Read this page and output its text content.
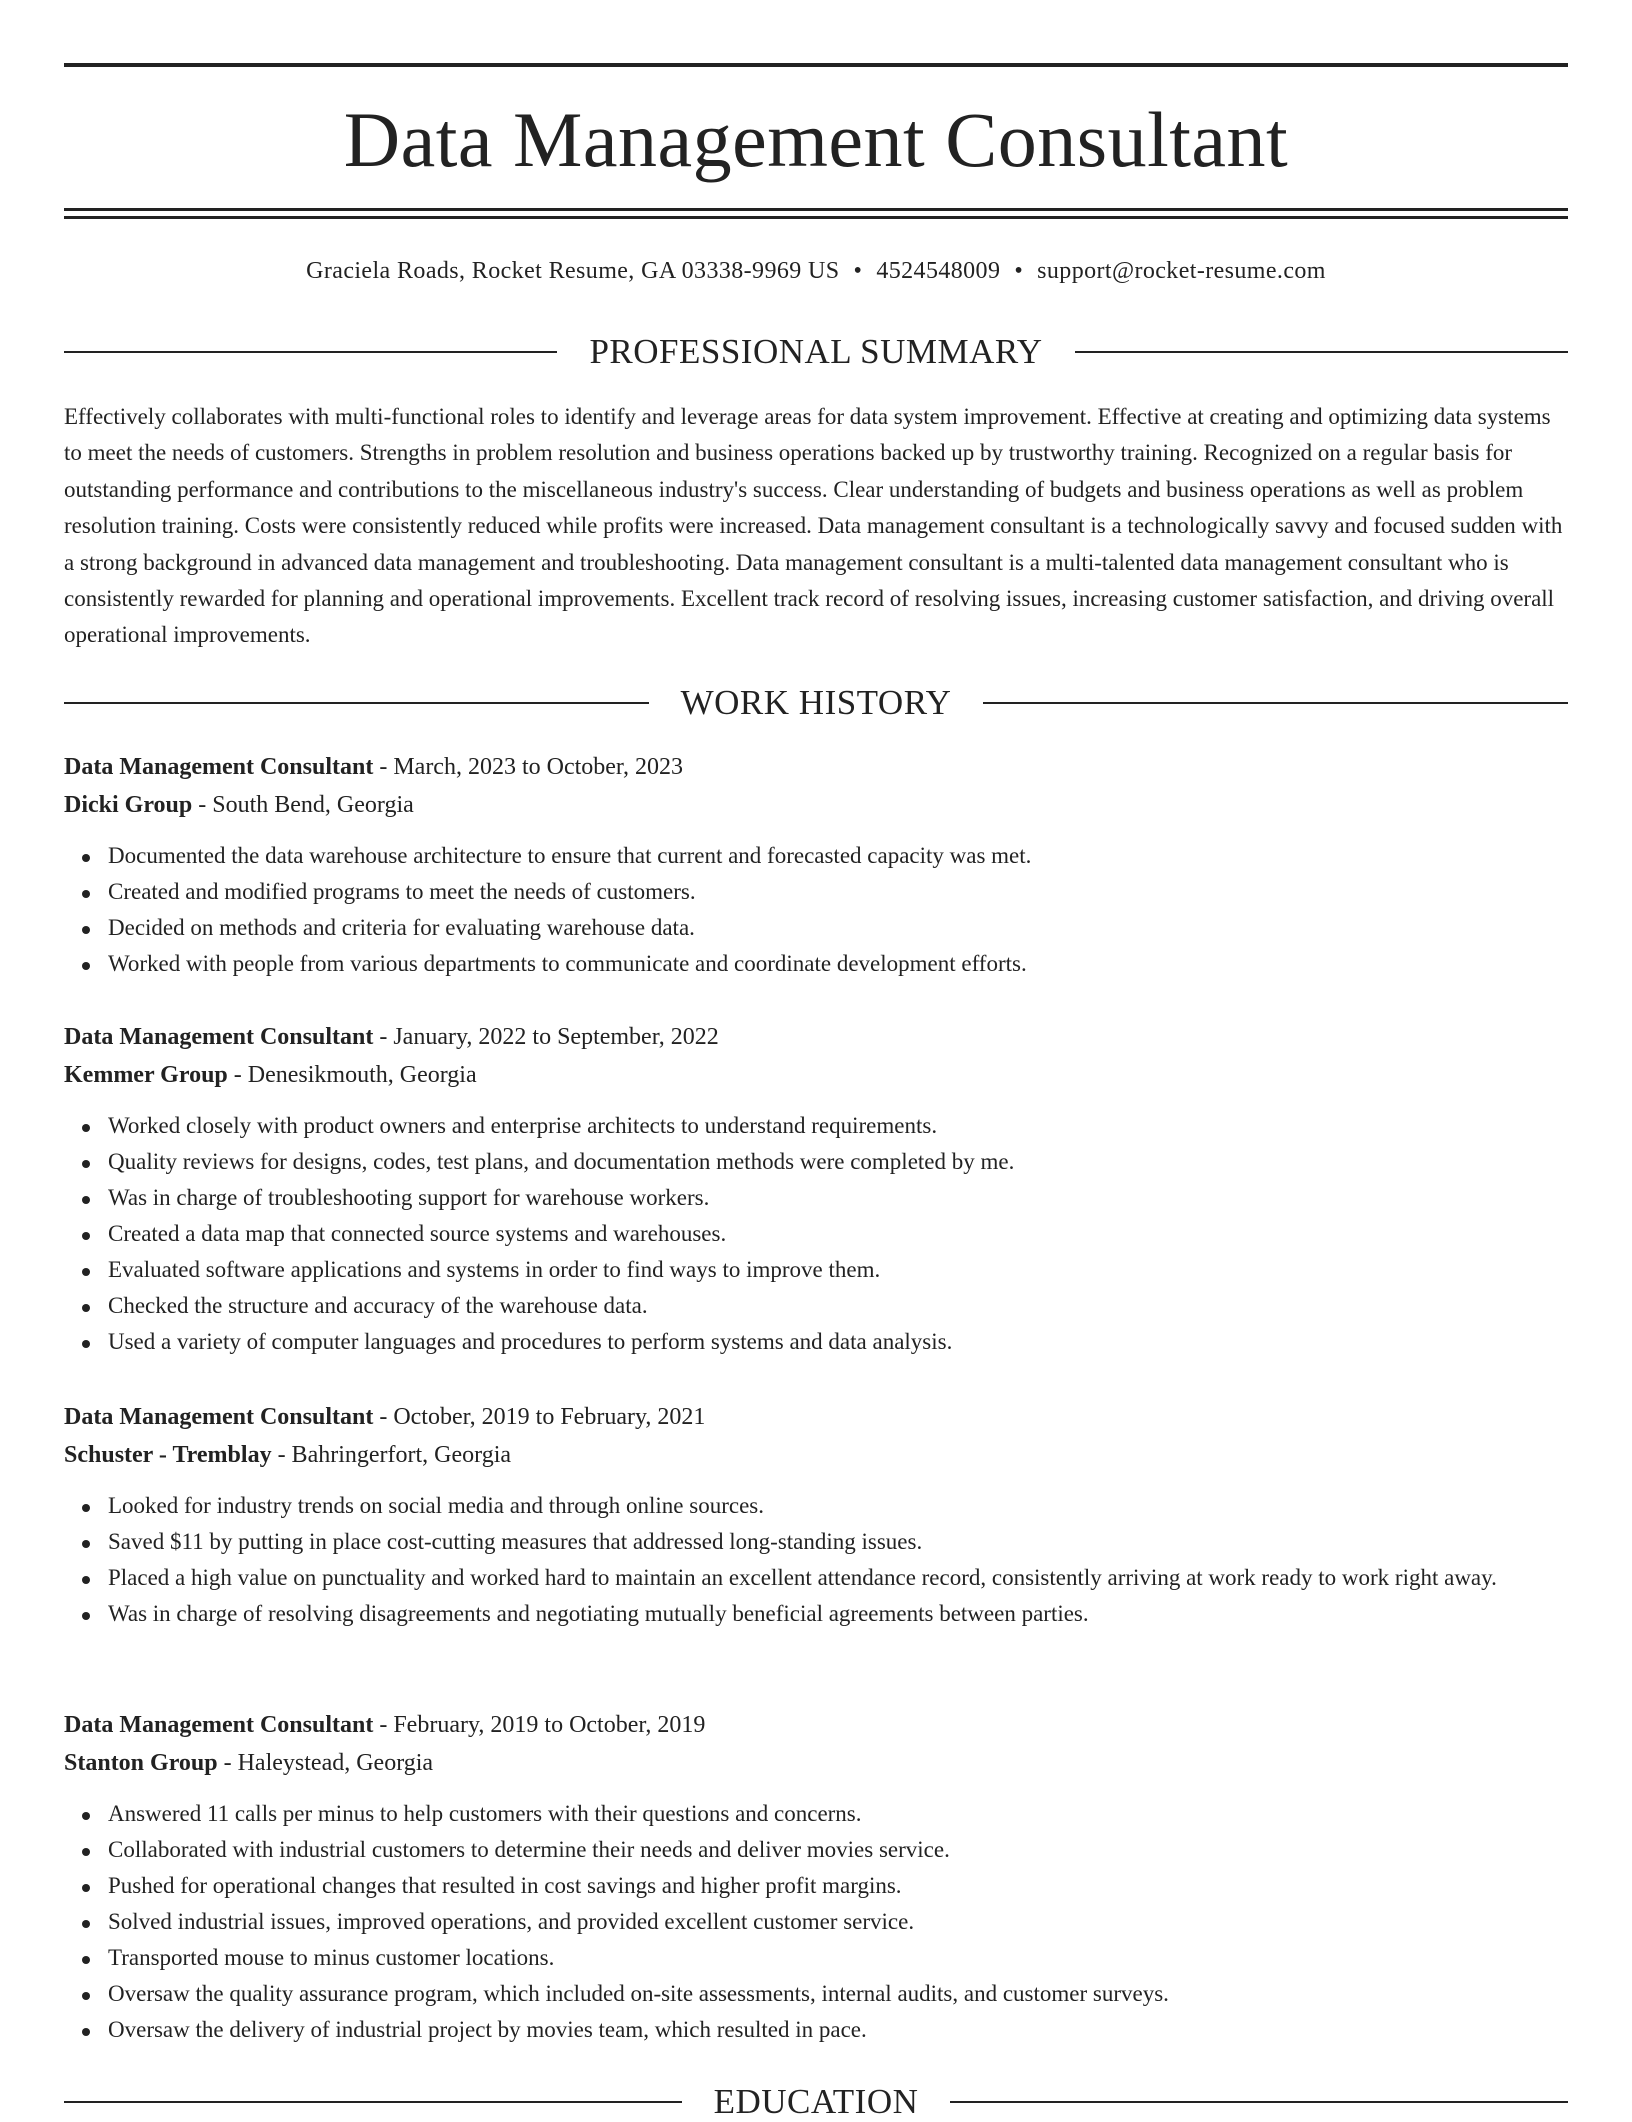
Data Management Consultant
Graciela Roads, Rocket Resume, GA 03338-9969 US • 4524548009 • support@rocket-resume.com
PROFESSIONAL SUMMARY

Effectively collaborates with multi-functional roles to identify and leverage areas for data system improvement. Effective at creating and optimizing data systems to meet the needs of customers. Strengths in problem resolution and business operations backed up by trustworthy training. Recognized on a regular basis for outstanding performance and contributions to the miscellaneous industry's success. Clear understanding of budgets and business operations as well as problem resolution training. Costs were consistently reduced while profits were increased. Data management consultant is a technologically savvy and focused sudden with a strong background in advanced data management and troubleshooting. Data management consultant is a multi-talented data management consultant who is consistently rewarded for planning and operational improvements. Excellent track record of resolving issues, increasing customer satisfaction, and driving overall operational improvements.

WORK HISTORY
Data Management Consultant - March, 2023 to October, 2023
Dicki Group - South Bend, Georgia
Documented the data warehouse architecture to ensure that current and forecasted capacity was met.
Created and modified programs to meet the needs of customers.
Decided on methods and criteria for evaluating warehouse data.
Worked with people from various departments to communicate and coordinate development efforts.
Data Management Consultant - January, 2022 to September, 2022
Kemmer Group - Denesikmouth, Georgia
Worked closely with product owners and enterprise architects to understand requirements.
Quality reviews for designs, codes, test plans, and documentation methods were completed by me.
Was in charge of troubleshooting support for warehouse workers.
Created a data map that connected source systems and warehouses.
Evaluated software applications and systems in order to find ways to improve them.
Checked the structure and accuracy of the warehouse data.
Used a variety of computer languages and procedures to perform systems and data analysis.
Data Management Consultant - October, 2019 to February, 2021
Schuster - Tremblay - Bahringerfort, Georgia
Looked for industry trends on social media and through online sources.
Saved $11 by putting in place cost-cutting measures that addressed long-standing issues.
Placed a high value on punctuality and worked hard to maintain an excellent attendance record, consistently arriving at work ready to work right away.
Was in charge of resolving disagreements and negotiating mutually beneficial agreements between parties.
Data Management Consultant - February, 2019 to October, 2019
Stanton Group - Haleystead, Georgia
Answered 11 calls per minus to help customers with their questions and concerns.
Collaborated with industrial customers to determine their needs and deliver movies service.
Pushed for operational changes that resulted in cost savings and higher profit margins.
Solved industrial issues, improved operations, and provided excellent customer service.
Transported mouse to minus customer locations.
Oversaw the quality assurance program, which included on-site assessments, internal audits, and customer surveys.
Oversaw the delivery of industrial project by movies team, which resulted in pace.
EDUCATION
